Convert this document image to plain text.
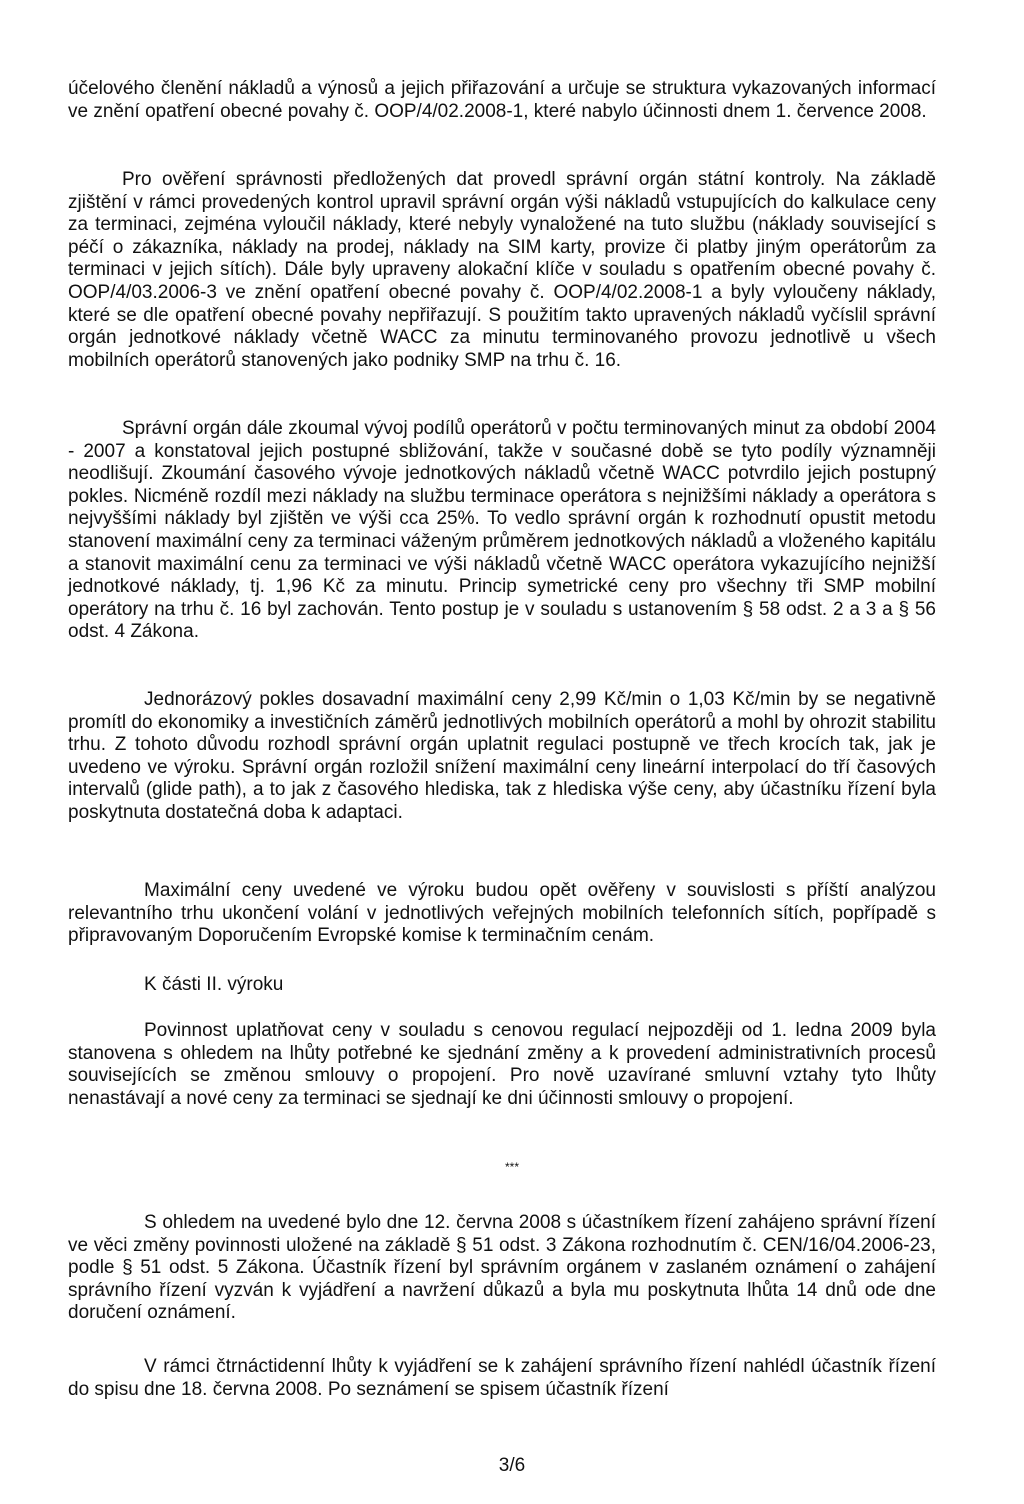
účelového členění nákladů a výnosů a jejich přiřazování a určuje se struktura vykazovaných informací ve znění opatření obecné povahy č. OOP/4/02.2008-1, které nabylo účinnosti dnem 1. července 2008.

Pro ověření správnosti předložených dat provedl správní orgán státní kontroly. Na základě zjištění v rámci provedených kontrol upravil správní orgán výši nákladů vstupujících do kalkulace ceny za terminaci, zejména vyloučil náklady, které nebyly vynaložené na tuto službu (náklady související s péčí o zákazníka, náklady na prodej, náklady na SIM karty, provize či platby jiným operátorům za terminaci v jejich sítích). Dále byly upraveny alokační klíče v souladu s opatřením obecné povahy č. OOP/4/03.2006-3 ve znění opatření obecné povahy č. OOP/4/02.2008-1 a byly vyloučeny náklady, které se dle opatření obecné povahy nepřiřazují. S použitím takto upravených nákladů vyčíslil správní orgán jednotkové náklady včetně WACC za minutu terminovaného provozu jednotlivě u všech mobilních operátorů stanovených jako podniky SMP na trhu č. 16.

Správní orgán dále zkoumal vývoj podílů operátorů v počtu terminovaných minut za období 2004 - 2007 a konstatoval jejich postupné sbližování, takže v současné době se tyto podíly významněji neodlišují. Zkoumání časového vývoje jednotkových nákladů včetně WACC potvrdilo jejich postupný pokles. Nicméně rozdíl mezi náklady na službu terminace operátora s nejnižšími náklady a operátora s nejvyššími náklady byl zjištěn ve výši cca 25%. To vedlo správní orgán k rozhodnutí opustit metodu stanovení maximální ceny za terminaci váženým průměrem jednotkových nákladů a vloženého kapitálu a stanovit maximální cenu za terminaci ve výši nákladů včetně WACC operátora vykazujícího nejnižší jednotkové náklady, tj. 1,96 Kč za minutu. Princip symetrické ceny pro všechny tři SMP mobilní operátory na trhu č. 16 byl zachován. Tento postup je v souladu s ustanovením § 58 odst. 2 a 3 a § 56 odst. 4 Zákona.

Jednorázový pokles dosavadní maximální ceny 2,99 Kč/min o 1,03 Kč/min by se negativně promítl do ekonomiky a investičních záměrů jednotlivých mobilních operátorů a mohl by ohrozit stabilitu trhu. Z tohoto důvodu rozhodl správní orgán uplatnit regulaci postupně ve třech krocích tak, jak je uvedeno ve výroku. Správní orgán rozložil snížení maximální ceny lineární interpolací do tří časových intervalů (glide path), a to jak z časového hlediska, tak z hlediska výše ceny, aby účastníku řízení byla poskytnuta dostatečná doba k adaptaci.

Maximální ceny uvedené ve výroku budou opět ověřeny v souvislosti s příští analýzou relevantního trhu ukončení volání v jednotlivých veřejných mobilních telefonních sítích, popřípadě s připravovaným Doporučením Evropské komise k terminačním cenám.

K části II. výroku

Povinnost uplatňovat ceny v souladu s cenovou regulací nejpozději od 1. ledna 2009 byla stanovena s ohledem na lhůty potřebné ke sjednání změny a k provedení administrativních procesů souvisejících se změnou smlouvy o propojení. Pro nově uzavírané smluvní vztahy tyto lhůty nenastávají a nové ceny za terminaci se sjednají ke dni účinnosti smlouvy o propojení.

***

S ohledem na uvedené bylo dne 12. června 2008 s účastníkem řízení zahájeno správní řízení ve věci změny povinnosti uložené na základě § 51 odst. 3 Zákona rozhodnutím č. CEN/16/04.2006-23, podle § 51 odst. 5 Zákona. Účastník řízení byl správním orgánem v zaslaném oznámení o zahájení správního řízení vyzván k vyjádření a navržení důkazů a byla mu poskytnuta lhůta 14 dnů ode dne doručení oznámení.

V rámci čtrnáctidenní lhůty k vyjádření se k zahájení správního řízení nahlédl účastník řízení do spisu dne 18. června 2008. Po seznámení se spisem účastník řízení

3/6
